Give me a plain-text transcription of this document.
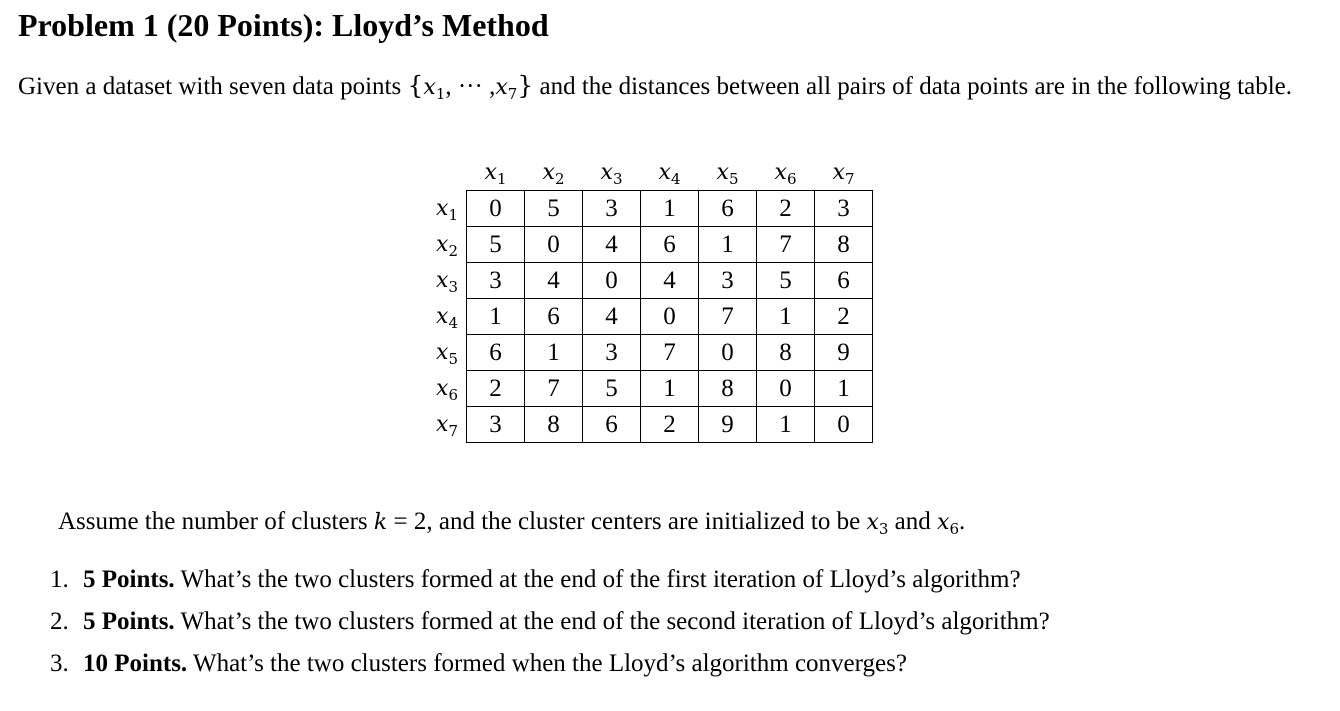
Problem 1 (20 Points): Lloyd’s Method
Given a dataset with seven data points {$x_1$, ··· $,x_7$} and the distances between all pairs of data points are in the following table.
	$x_1$	$x_2$	$x_3$	$x_4$	$x_5$	$x_6$	$x_7$
$x_1$	0	5	3	1	6	2	3
$x_2$	5	0	4	6	1	7	8
$x_3$	3	4	0	4	3	5	6
$x_4$	1	6	4	0	7	1	2
$x_5$	6	1	3	7	0	8	9
$x_6$	2	7	5	1	8	0	1
$x_7$	3	8	6	2	9	1	0
Assume the number of clusters k = 2, and the cluster centers are initialized to be $x_3$ and $x_6$.
1. 5 Points. What’s the two clusters formed at the end of the first iteration of Lloyd’s algorithm?
2. 5 Points. What’s the two clusters formed at the end of the second iteration of Lloyd’s algorithm?
3. 10 Points. What’s the two clusters formed when the Lloyd’s algorithm converges?
